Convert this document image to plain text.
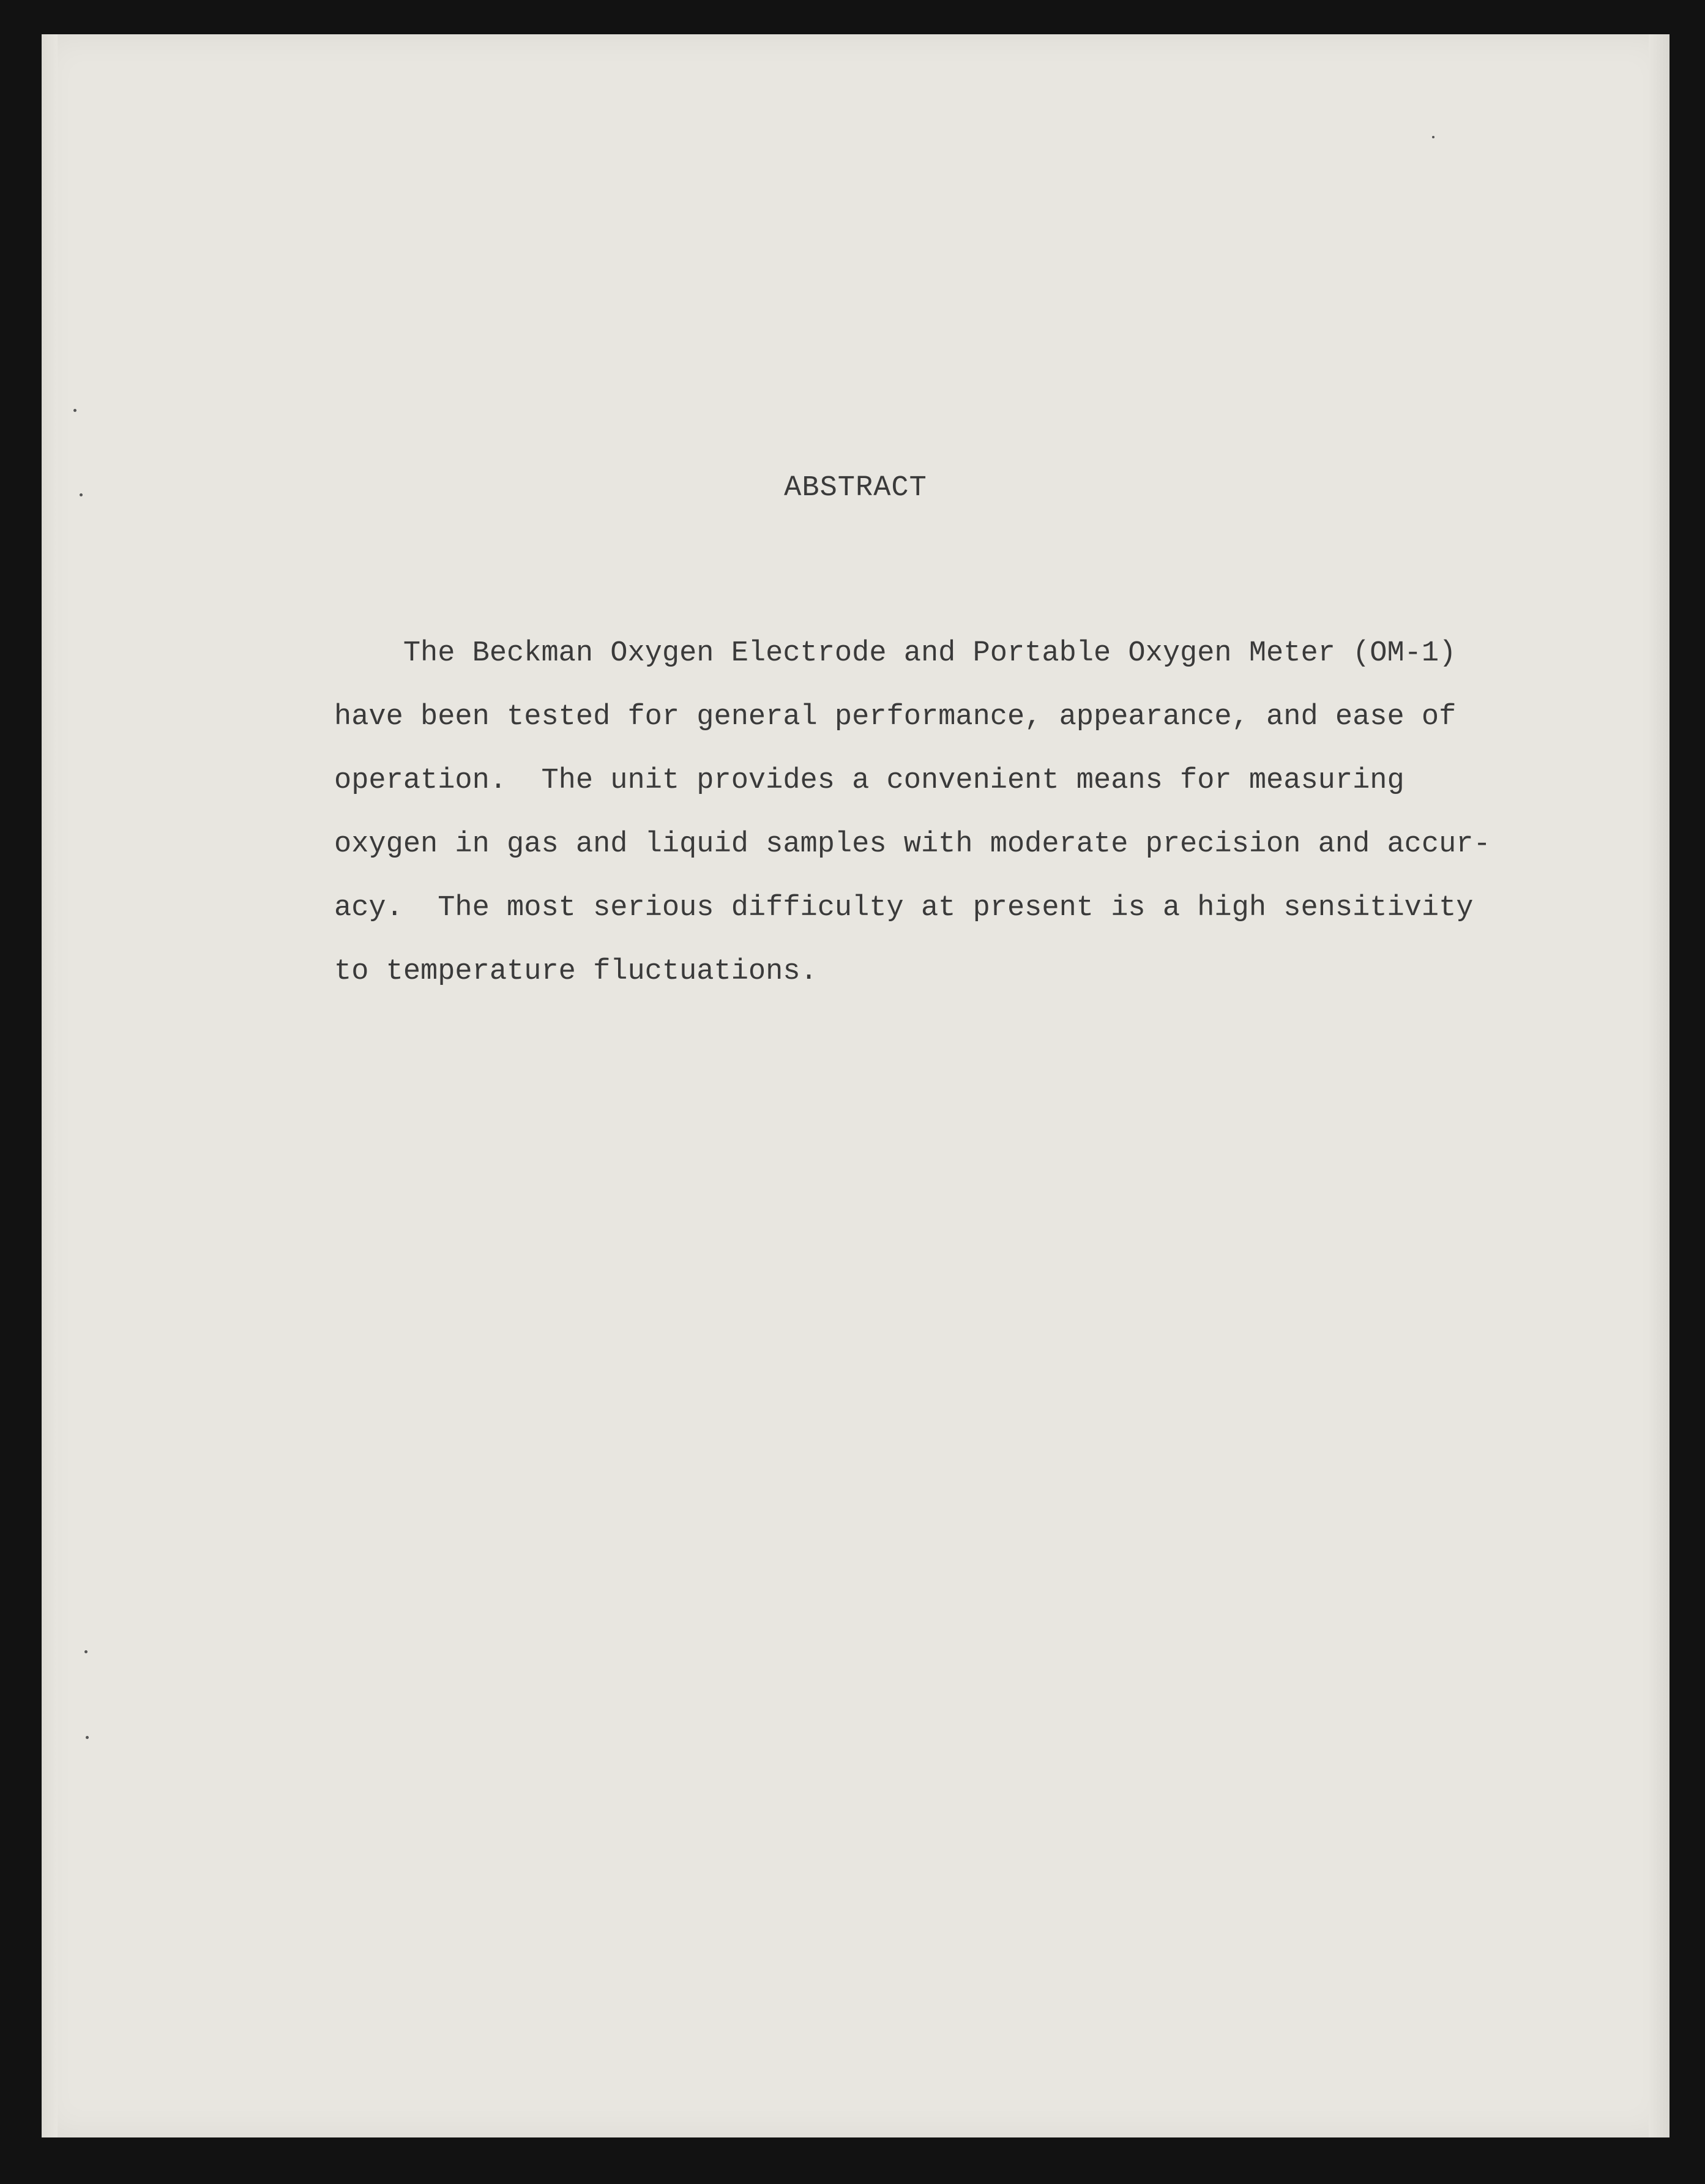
ABSTRACT

The Beckman Oxygen Electrode and Portable Oxygen Meter (OM-1)
have been tested for general performance, appearance, and ease of
operation.  The unit provides a convenient means for measuring
oxygen in gas and liquid samples with moderate precision and accur-
acy.  The most serious difficulty at present is a high sensitivity
to temperature fluctuations.
